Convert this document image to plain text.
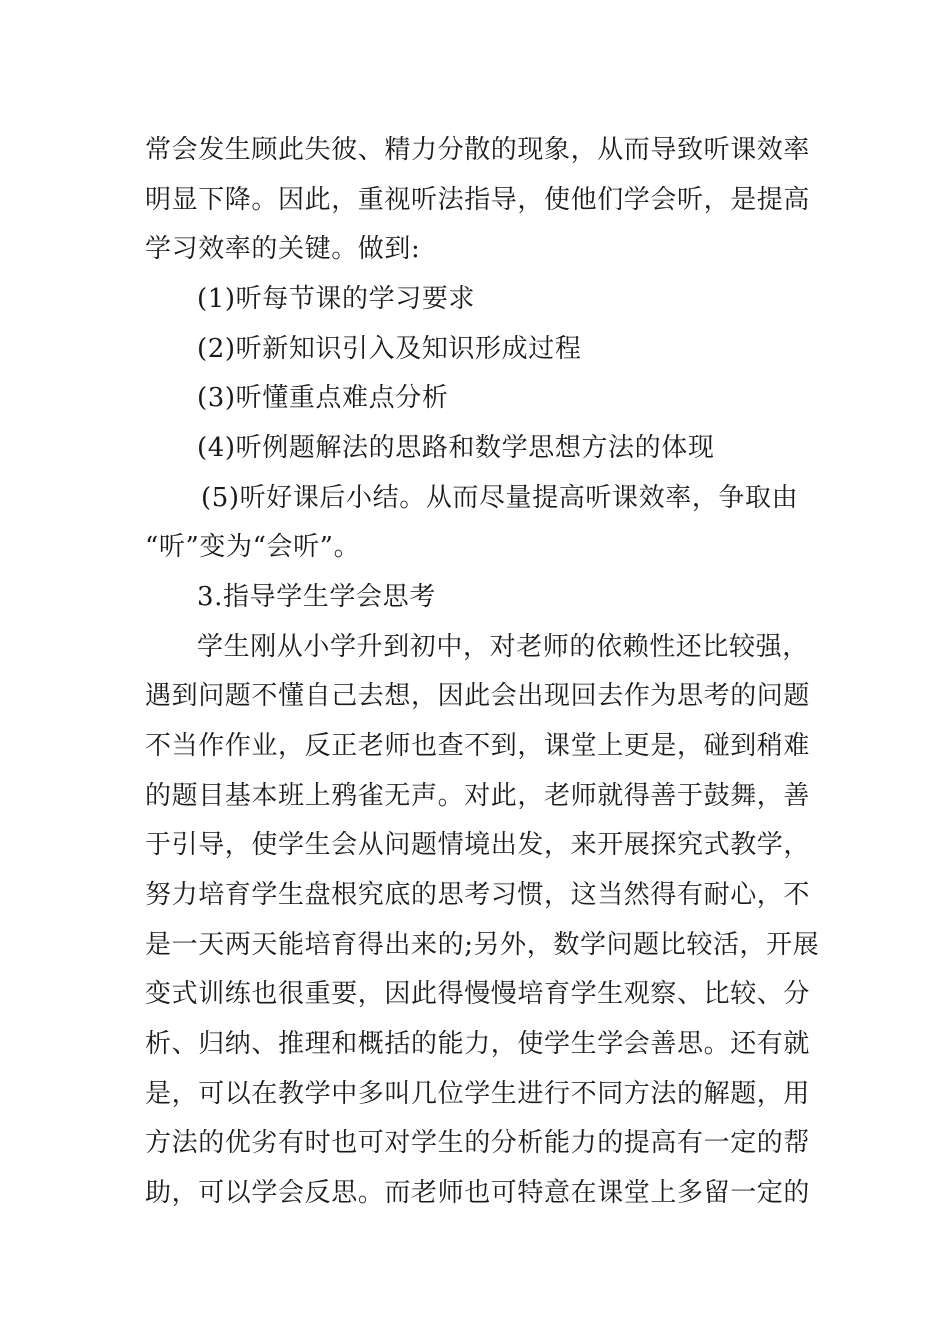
常会发生顾此失彼、精力分散的现象，从而导致听课效率
明显下降。因此，重视听法指导，使他们学会听，是提高
学习效率的关键。做到:
(1)听每节课的学习要求
(2)听新知识引入及知识形成过程
(3)听懂重点难点分析
(4)听例题解法的思路和数学思想方法的体现
(5)听好课后小结。从而尽量提高听课效率，争取由
“听”变为“会听”。
3.指导学生学会思考
学生刚从小学升到初中，对老师的依赖性还比较强，
遇到问题不懂自己去想，因此会出现回去作为思考的问题
不当作作业，反正老师也查不到，课堂上更是，碰到稍难
的题目基本班上鸦雀无声。对此，老师就得善于鼓舞，善
于引导，使学生会从问题情境出发，来开展探究式教学，
努力培育学生盘根究底的思考习惯，这当然得有耐心，不
是一天两天能培育得出来的;另外，数学问题比较活，开展
变式训练也很重要，因此得慢慢培育学生观察、比较、分
析、归纳、推理和概括的能力，使学生学会善思。还有就
是，可以在教学中多叫几位学生进行不同方法的解题，用
方法的优劣有时也可对学生的分析能力的提高有一定的帮
助，可以学会反思。而老师也可特意在课堂上多留一定的
